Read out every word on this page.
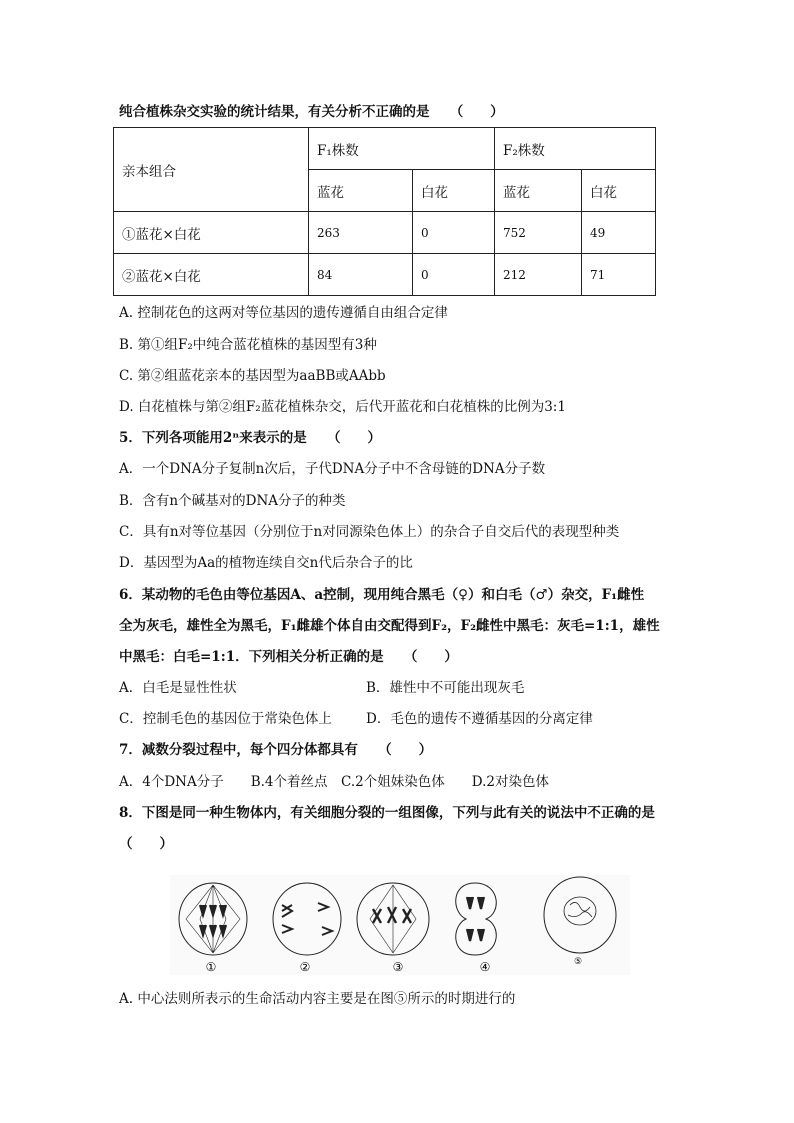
纯合植株杂交实验的统计结果，有关分析不正确的是　　（　　）
亲本组合	F₁株数		F₂株数	
	蓝花	白花	蓝花	白花
①蓝花×白花	263	0	752	49
②蓝花×白花	84	0	212	71
A. 控制花色的这两对等位基因的遗传遵循自由组合定律
B. 第①组F₂中纯合蓝花植株的基因型有3种
C. 第②组蓝花亲本的基因型为aaBB或AAbb
D. 白花植株与第②组F₂蓝花植株杂交，后代开蓝花和白花植株的比例为3:1
5．下列各项能用2ⁿ来表示的是　　（　　）
A．一个DNA分子复制n次后，子代DNA分子中不含母链的DNA分子数
B．含有n个碱基对的DNA分子的种类
C．具有n对等位基因（分别位于n对同源染色体上）的杂合子自交后代的表现型种类
D．基因型为Aa的植物连续自交n代后杂合子的比
6．某动物的毛色由等位基因A、a控制，现用纯合黑毛（♀）和白毛（♂）杂交，F₁雌性
全为灰毛，雄性全为黑毛，F₁雌雄个体自由交配得到F₂，F₂雌性中黑毛：灰毛=1:1，雄性
中黑毛：白毛=1:1．下列相关分析正确的是　　（　　）
A．白毛是显性性状	B．雄性中不可能出现灰毛
C．控制毛色的基因位于常染色体上	D．毛色的遗传不遵循基因的分离定律
7．减数分裂过程中，每个四分体都具有　　（　　）
A．4个DNA分子　　B.4个着丝点　C.2个姐妹染色体　　D.2对染色体
8．下图是同一种生物体内，有关细胞分裂的一组图像，下列与此有关的说法中不正确的是
（　　）
①	②	③	④	⑤
A. 中心法则所表示的生命活动内容主要是在图⑤所示的时期进行的
